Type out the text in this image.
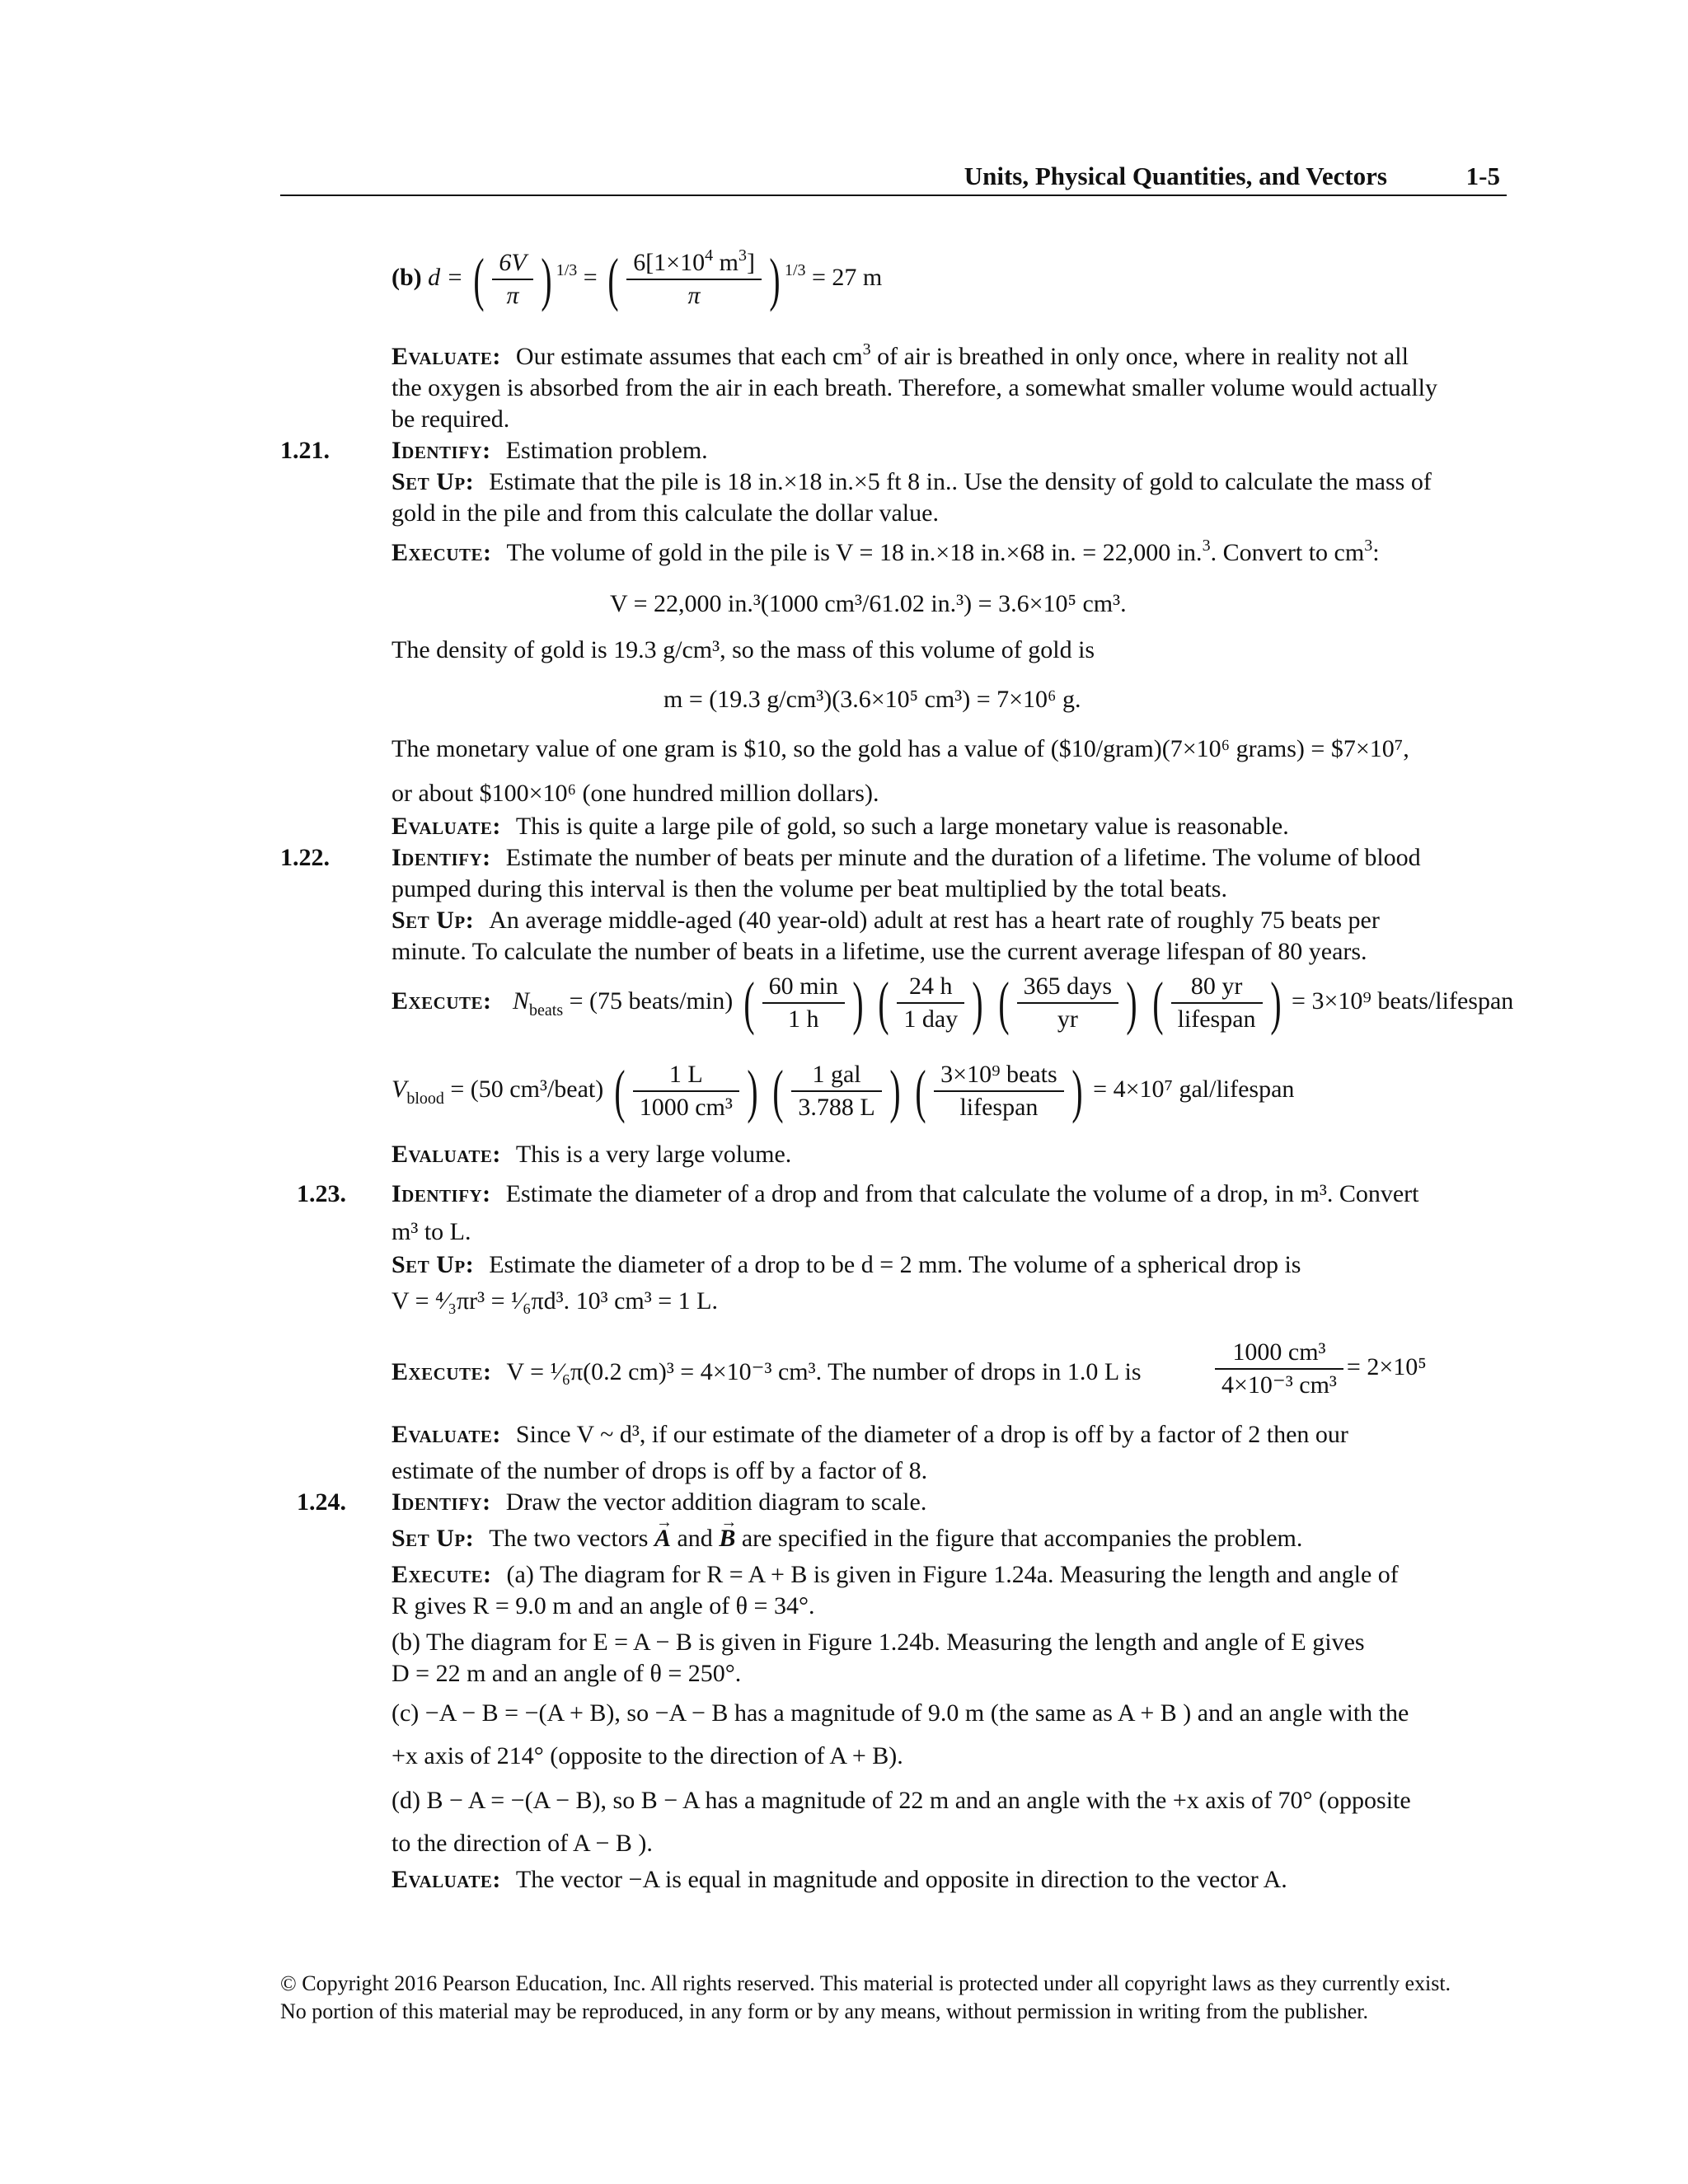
Units, Physical Quantities, and Vectors	1-5
(b) d = ( $\frac{6V}{\pi}$ ) $^{1/3}$ = ( $\frac{6[1\times 10^4 m^3]}{\pi}$ ) $^{1/3}$ = 27 m
Evaluate: Our estimate assumes that each $cm^3$ of air is breathed in only once, where in reality not all
the oxygen is absorbed from the air in each breath. Therefore, a somewhat smaller volume would actually
be required.
1.21.	Identify: Estimation problem.
Set Up: Estimate that the pile is 18 in.×18 in.×5 ft 8 in.. Use the density of gold to calculate the mass of
gold in the pile and from this calculate the dollar value.
Execute: The volume of gold in the pile is V = 18 in.×18 in.×68 in. = 22,000 in.$^3$. Convert to $cm^3$:
V = 22,000 in.³(1000 cm³/61.02 in.³) = 3.6×10⁵ cm³.
The density of gold is 19.3 g/cm³, so the mass of this volume of gold is
m = (19.3 g/cm³)(3.6×10⁵ cm³) = 7×10⁶ g.
The monetary value of one gram is $10, so the gold has a value of ($10/gram)(7×10⁶ grams) = $7×10⁷,
or about $100×10⁶ (one hundred million dollars).
Evaluate: This is quite a large pile of gold, so such a large monetary value is reasonable.
1.22.	Identify: Estimate the number of beats per minute and the duration of a lifetime. The volume of blood
pumped during this interval is then the volume per beat multiplied by the total beats.
Set Up: An average middle-aged (40 year-old) adult at rest has a heart rate of roughly 75 beats per
minute. To calculate the number of beats in a lifetime, use the current average lifespan of 80 years.
Execute: $N_{beats} = (75$ beats/min) ( $\frac{60 \min}{1 h}$ ) ( $\frac{24 h}{\text{1 day}}$ ) ( $\frac{\text{365 days}}{yr}$ ) ( $\frac{80 yr}{\text{lifespan}}$ ) = 3×10⁹ beats/lifespan
$V_{blood} = (50$ cm³/beat) ( $\frac{1 L}{\text{1000 cm³}}$ ) ( $\frac{\text{1 gal}}{3.788 L}$ ) ( $\frac{\text{3×10⁹ beats}}{\text{lifespan}}$ ) = 4×10⁷ gal/lifespan
Evaluate: This is a very large volume.
1.23. Identify: Estimate the diameter of a drop and from that calculate the volume of a drop, in m³. Convert
m³ to L.
Set Up: Estimate the diameter of a drop to be d = 2 mm. The volume of a spherical drop is
V = ⁴⁄₃πr³ = ¹⁄₆πd³. 10³ cm³ = 1 L.
Execute: V = ¹⁄₆π(0.2 cm)³ = 4×10⁻³ cm³. The number of drops in 1.0 L is	$\frac{\text{1000 cm³}}{\text{4×10⁻³ cm³}} = 2\times 10^5$
Evaluate: Since V ~ d³, if our estimate of the diameter of a drop is off by a factor of 2 then our
estimate of the number of drops is off by a factor of 8.
1.24. Identify: Draw the vector addition diagram to scale.
Set Up: The two vectors → A and → B are specified in the figure that accompanies the problem.
Execute: (a) The diagram for R = A + B is given in Figure 1.24a. Measuring the length and angle of
R gives R = 9.0 m and an angle of θ = 34°.
(b) The diagram for E = A − B is given in Figure 1.24b. Measuring the length and angle of E gives
D = 22 m and an angle of θ = 250°.
(c) −A − B = −(A + B), so −A − B has a magnitude of 9.0 m (the same as A + B ) and an angle with the
+x axis of 214° (opposite to the direction of A + B).
(d) B − A = −(A − B), so B − A has a magnitude of 22 m and an angle with the +x axis of 70° (opposite
to the direction of A − B ).
Evaluate: The vector −A is equal in magnitude and opposite in direction to the vector A.
© Copyright 2016 Pearson Education, Inc. All rights reserved. This material is protected under all copyright laws as they currently exist.
No portion of this material may be reproduced, in any form or by any means, without permission in writing from the publisher.
